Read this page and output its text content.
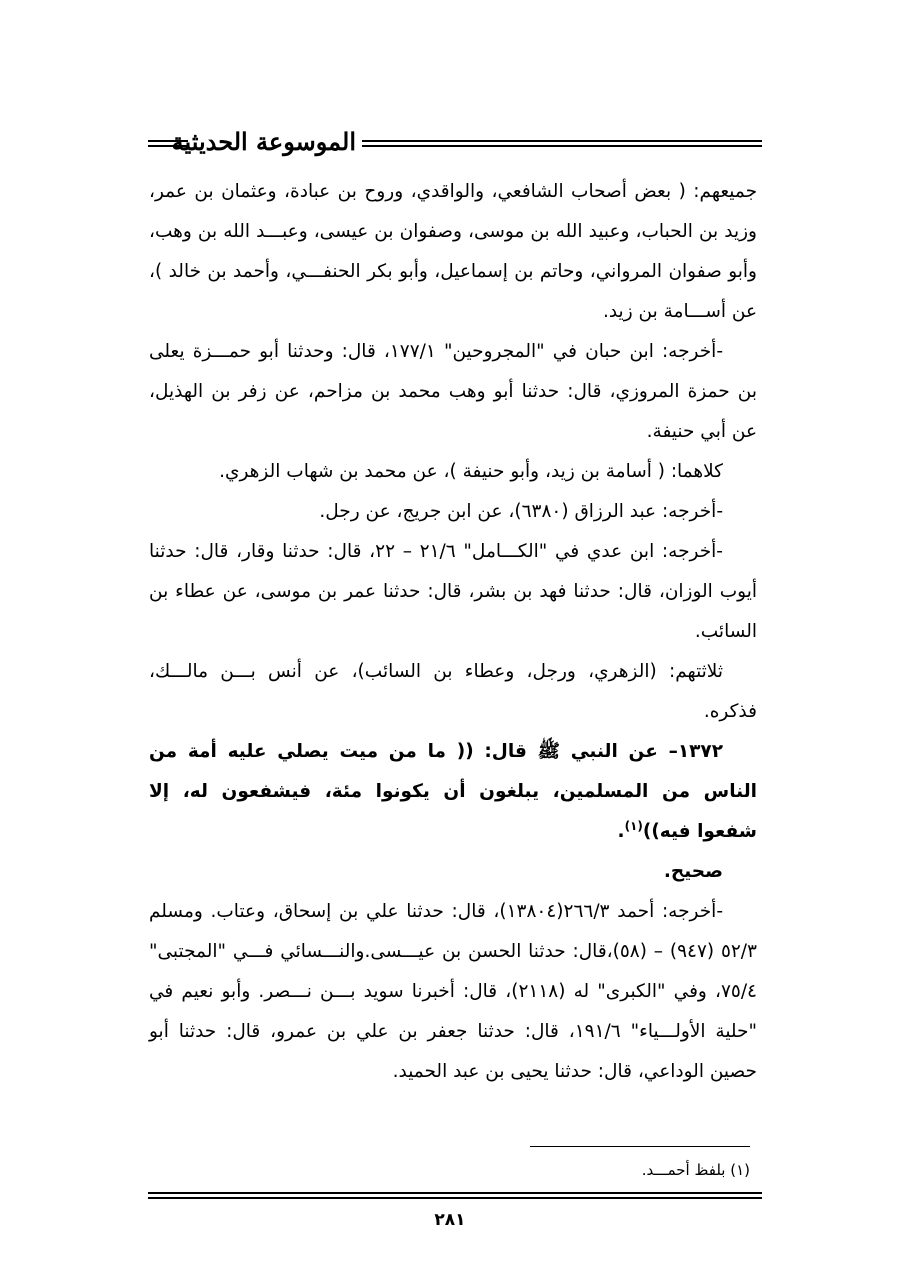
الموسوعة الحديثية

جميعهم: ( بعض أصحاب الشافعي، والواقدي، وروح بن عبادة، وعثمان بن عمر، وزيد بن الحباب، وعبيد الله بن موسى، وصفوان بن عيسى، وعبـــد الله بن وهب، وأبو صفوان المرواني، وحاتم بن إسماعيل، وأبو بكر الحنفـــي، وأحمد بن خالد )، عن أســـامة بن زيد.

-أخرجه: ابن حبان في "المجروحين" ١٧٧/١، قال: وحدثنا أبو حمـــزة يعلى بن حمزة المروزي، قال: حدثنا أبو وهب محمد بن مزاحم، عن زفر بن الهذيل، عن أبي حنيفة.

كلاهما: ( أسامة بن زيد، وأبو حنيفة )، عن محمد بن شهاب الزهري.

-أخرجه: عبد الرزاق (٦٣٨٠)، عن ابن جريج، عن رجل.

-أخرجه: ابن عدي في "الكـــامل" ٢١/٦ – ٢٢، قال: حدثنا وقار، قال: حدثنا أيوب الوزان، قال: حدثنا فهد بن بشر، قال: حدثنا عمر بن موسى، عن عطاء بن السائب.

ثلاثتهم: (الزهري، ورجل، وعطاء بن السائب)، عن أنس بـــن مالـــك، فذكره.

١٣٧٢– عن النبي ﷺ قال: (( ما من ميت يصلي عليه أمة من الناس من المسلمين، يبلغون أن يكونوا مئة، فيشفعون له، إلا شفعوا فيه))$^{(١)}$.

صحيح.

-أخرجه: أحمد ٢٦٦/٣(١٣٨٠٤)، قال: حدثنا علي بن إسحاق، وعتاب. ومسلم ٥٢/٣ (٩٤٧) – (٥٨)،قال: حدثنا الحسن بن عيـــسى.والنـــسائي فـــي "المجتبى" ٧٥/٤، وفي "الكبرى" له (٢١١٨)، قال: أخبرنا سويد بـــن نـــصر. وأبو نعيم في "حلية الأولـــياء" ١٩١/٦، قال: حدثنا جعفر بن علي بن عمرو، قال: حدثنا أبو حصين الوداعي، قال: حدثنا يحيى بن عبد الحميد.

(١) بلفظ أحمـــد.
٢٨١
